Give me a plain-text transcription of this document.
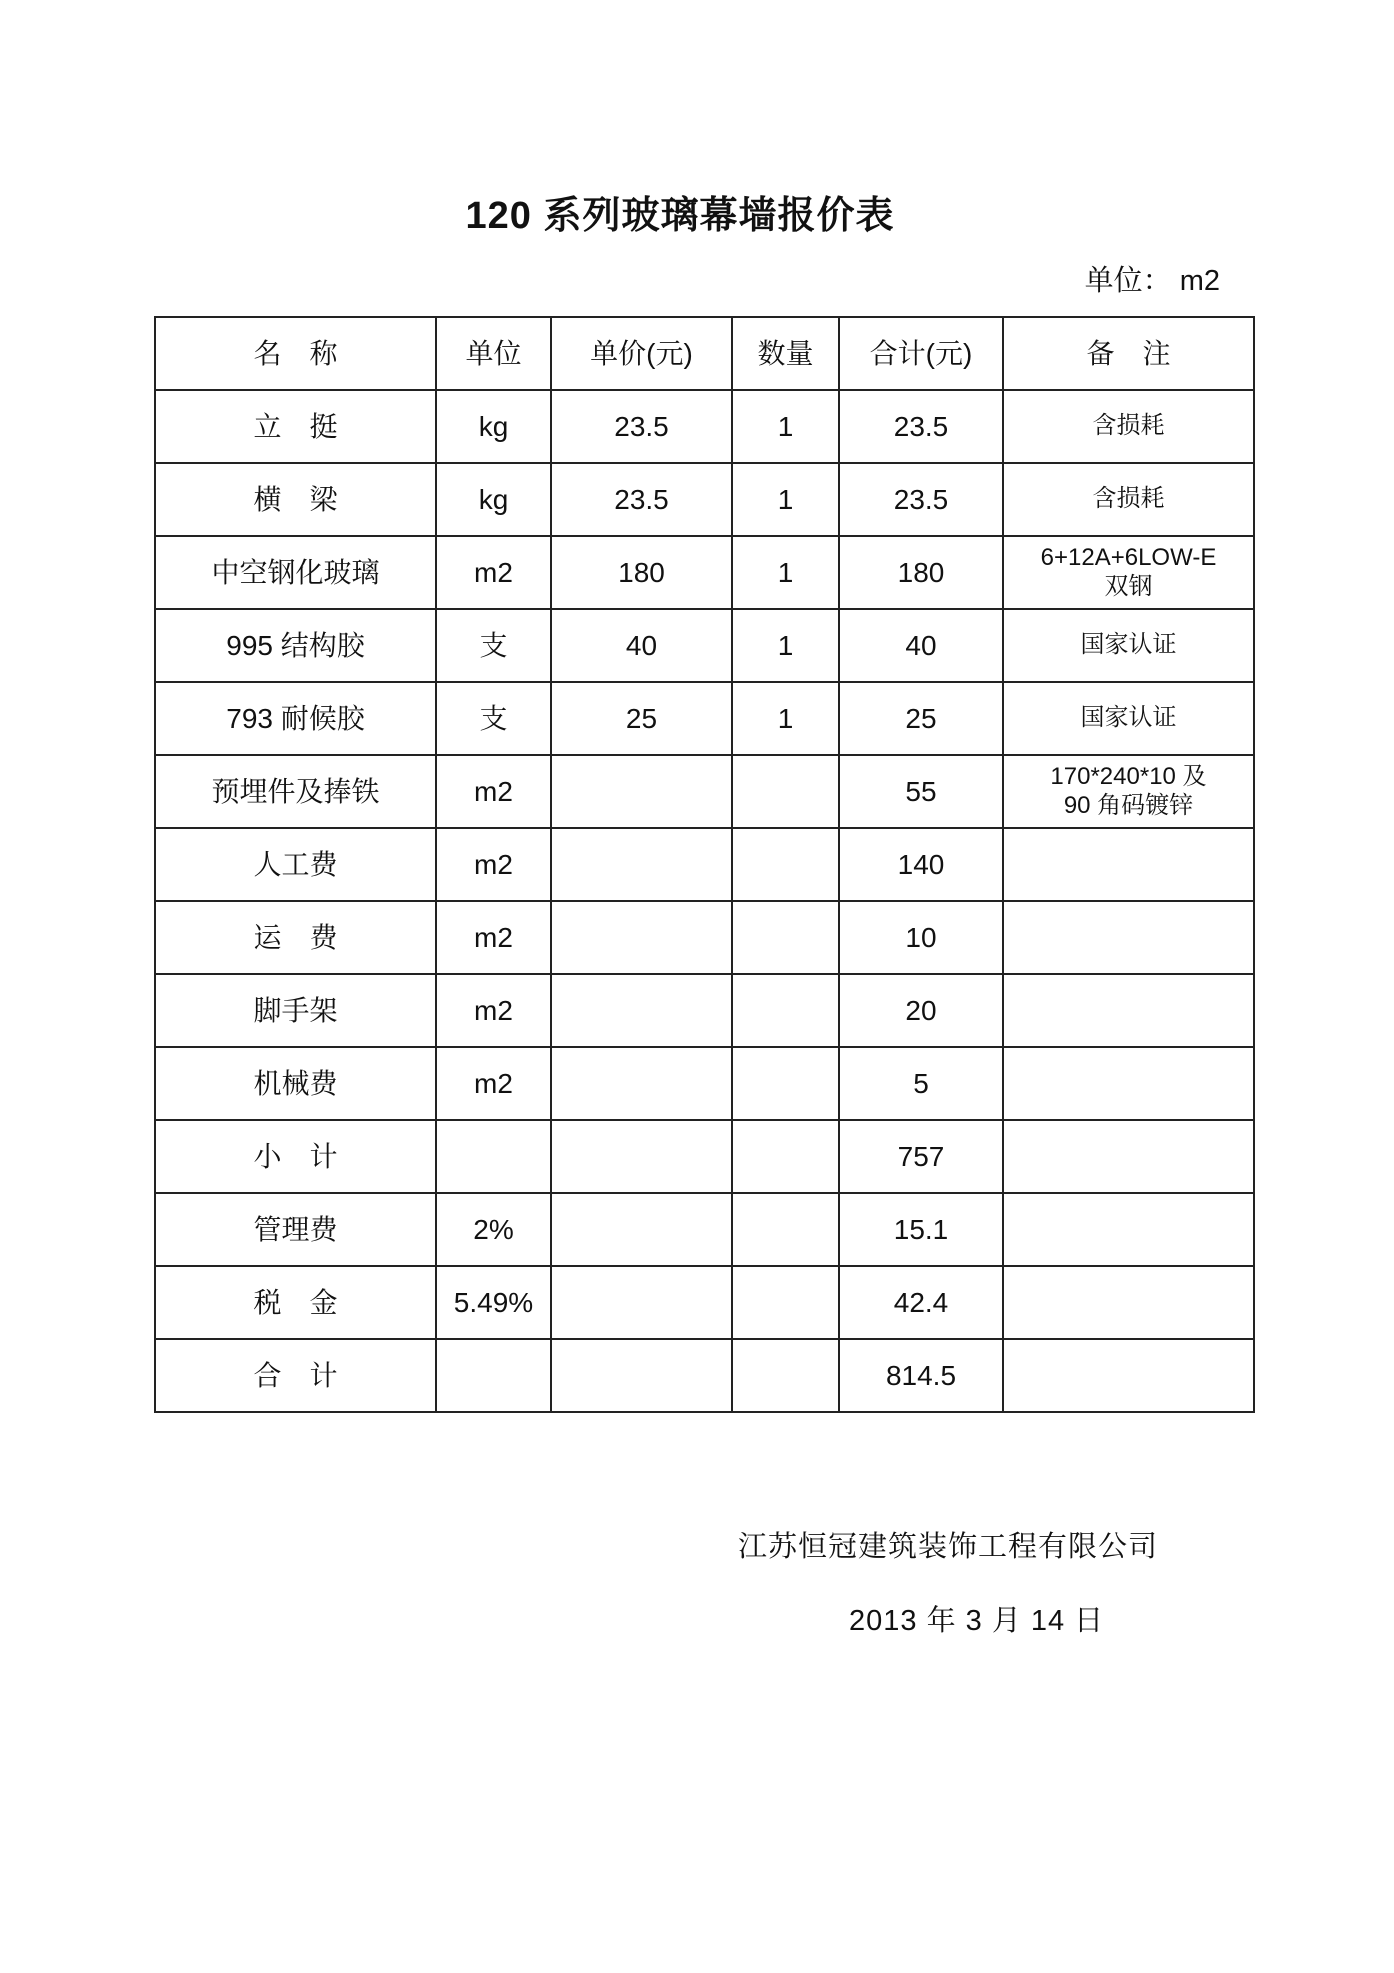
120 系列玻璃幕墙报价表
单位： m2
名　称	单位	单价(元)	数量	合计(元)	备　注
立　挺	kg	23.5	1	23.5	含损耗
横　梁	kg	23.5	1	23.5	含损耗
中空钢化玻璃	m2	180	1	180	6+12A+6LOW-E
双钢
995 结构胶	支	40	1	40	国家认证
793 耐候胶	支	25	1	25	国家认证
预埋件及捧铁	m2			55	170*240*10 及
90 角码镀锌
人工费	m2			140	
运　费	m2			10	
脚手架	m2			20	
机械费	m2			5	
小　计				757	
管理费	2%			15.1	
税　金	5.49%			42.4	
合　计				814.5	
江苏恒冠建筑装饰工程有限公司
2013 年 3 月 14 日
